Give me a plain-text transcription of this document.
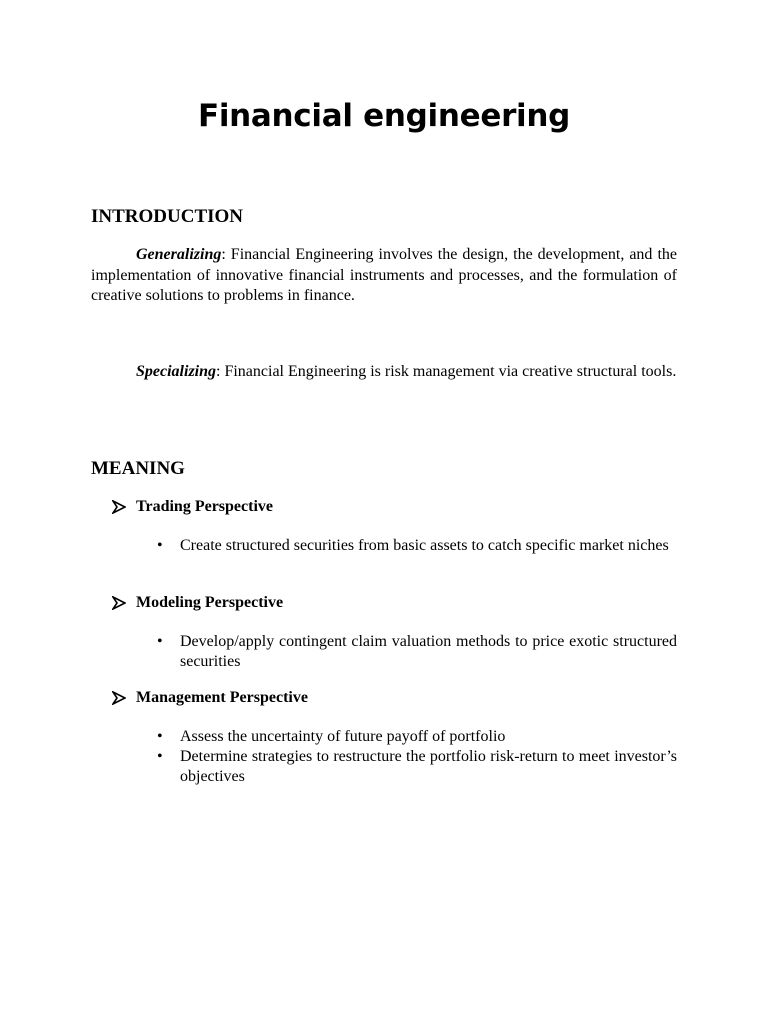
Financial engineering
INTRODUCTION

Generalizing: Financial Engineering involves the design, the development, and the implementation of innovative financial instruments and processes, and the formulation of creative solutions to problems in finance.

Specializing: Financial Engineering is risk management via creative structural tools.

MEANING
Trading Perspective
• Create structured securities from basic assets to catch specific market niches
Modeling Perspective
• Develop/apply contingent claim valuation methods to price exotic structured securities
Management Perspective
• Assess the uncertainty of future payoff of portfolio
• Determine strategies to restructure the portfolio risk-return to meet investor’s objectives
